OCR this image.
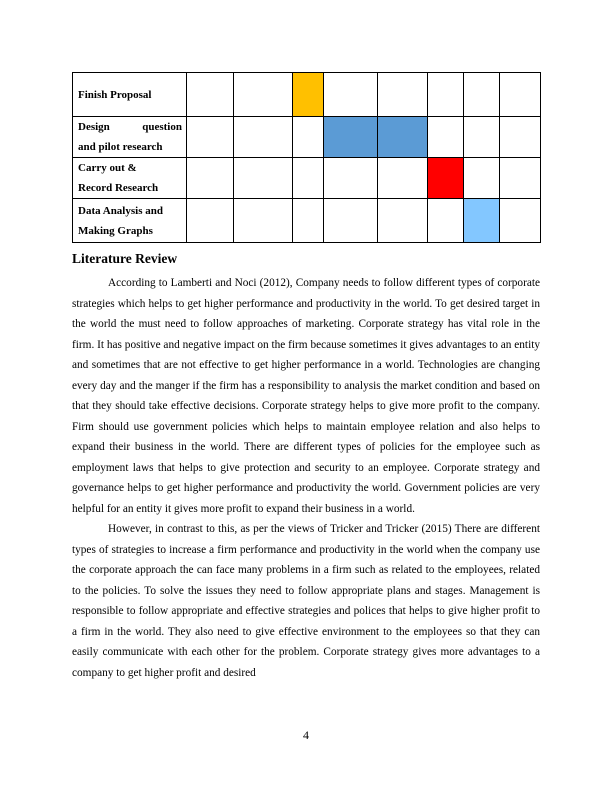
Finish Proposal								

Design question
and pilot research								

Carry out &
Record Research								

Data Analysis and
Making Graphs								

Literature Review

According to Lamberti and Noci (2012), Company needs to follow different types of corporate strategies which helps to get higher performance and productivity in the world. To get desired target in the world the must need to follow approaches of marketing. Corporate strategy has vital role in the firm. It has positive and negative impact on the firm because sometimes it gives advantages to an entity and sometimes that are not effective to get higher performance in a world. Technologies are changing every day and the manger if the firm has a responsibility to analysis the market condition and based on that they should take effective decisions. Corporate strategy helps to give more profit to the company. Firm should use government policies which helps to maintain employee relation and also helps to expand their business in the world. There are different types of policies for the employee such as employment laws that helps to give protection and security to an employee. Corporate strategy and governance helps to get higher performance and productivity the world. Government policies are very helpful for an entity it gives more profit to expand their business in a world.

However, in contrast to this, as per the views of Tricker and Tricker (2015) There are different types of strategies to increase a firm performance and productivity in the world when the company use the corporate approach the can face many problems in a firm such as related to the employees, related to the policies. To solve the issues they need to follow appropriate plans and stages. Management is responsible to follow appropriate and effective strategies and polices that helps to give higher profit to a firm in the world. They also need to give effective environment to the employees so that they can easily communicate with each other for the problem. Corporate strategy gives more advantages to a company to get higher profit and desired

4
